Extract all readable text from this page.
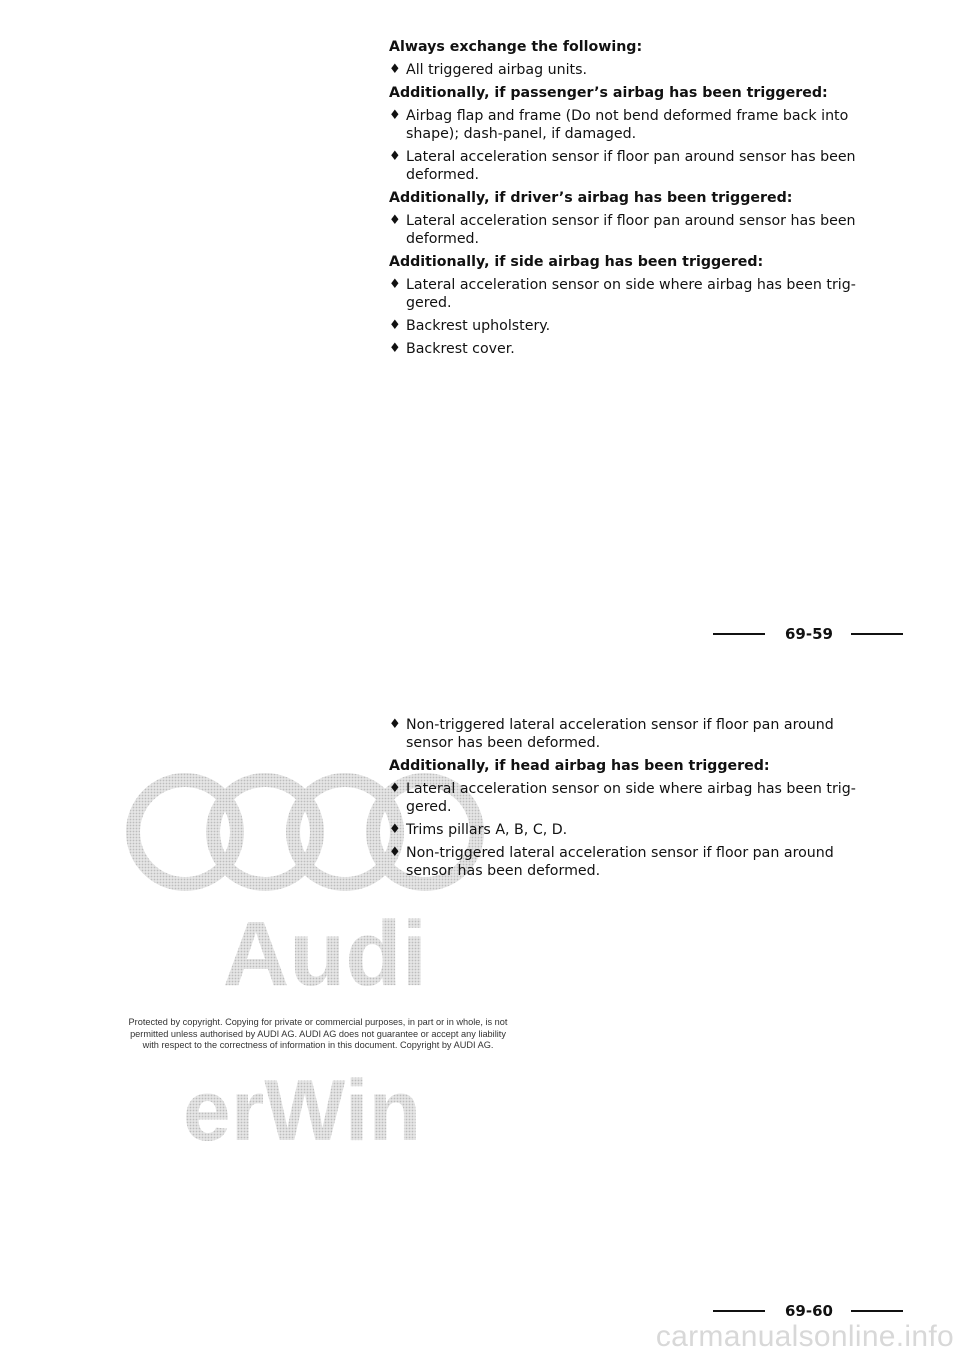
Always exchange the following:

♦ All triggered airbag units.

Additionally, if passenger’s airbag has been triggered:

♦ Airbag flap and frame (Do not bend deformed frame back into shape); dash-panel, if damaged.

♦ Lateral acceleration sensor if floor pan around sensor has been deformed.

Additionally, if driver’s airbag has been triggered:

♦ Lateral acceleration sensor if floor pan around sensor has been deformed.

Additionally, if side airbag has been triggered:

♦ Lateral acceleration sensor on side where airbag has been trig-gered.

♦ Backrest upholstery.

♦ Backrest cover.

69-59
Audi
erWin
Protected by copyright. Copying for private or commercial purposes, in part or in whole, is not
permitted unless authorised by AUDI AG. AUDI AG does not guarantee or accept any liability
with respect to the correctness of information in this document. Copyright by AUDI AG.

♦ Non-triggered lateral acceleration sensor if floor pan around sensor has been deformed.

Additionally, if head airbag has been triggered:

♦ Lateral acceleration sensor on side where airbag has been trig-gered.

♦ Trims pillars A, B, C, D.

♦ Non-triggered lateral acceleration sensor if floor pan around sensor has been deformed.

69-60
carmanualsonline.info
